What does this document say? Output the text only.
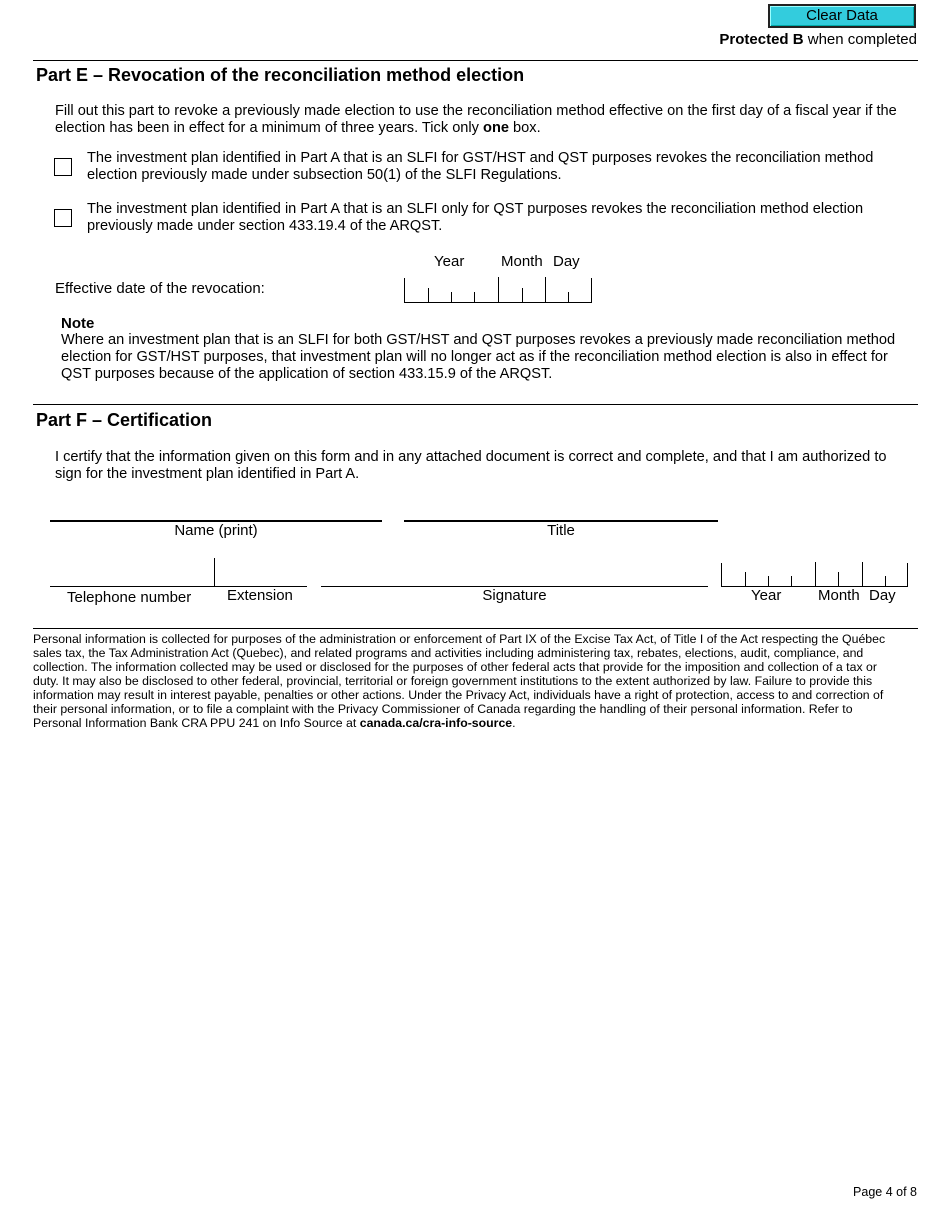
Clear Data
Protected B when completed
Part E – Revocation of the reconciliation method election
Fill out this part to revoke a previously made election to use the reconciliation method effective on the first day of a fiscal year if the election has been in effect for a minimum of three years. Tick only one box.
The investment plan identified in Part A that is an SLFI for GST/HST and QST purposes revokes the reconciliation method election previously made under subsection 50(1) of the SLFI Regulations.
The investment plan identified in Part A that is an SLFI only for QST purposes revokes the reconciliation method election previously made under section 433.19.4 of the ARQST.
Year Month Day
Effective date of the revocation:
Note
Where an investment plan that is an SLFI for both GST/HST and QST purposes revokes a previously made reconciliation method election for GST/HST purposes, that investment plan will no longer act as if the reconciliation method election is also in effect for QST purposes because of the application of section 433.15.9 of the ARQST.
Part F – Certification
I certify that the information given on this form and in any attached document is correct and complete, and that I am authorized to sign for the investment plan identified in Part A.
Name (print)	Title
Telephone number Extension	Signature	Year Month Day
Personal information is collected for purposes of the administration or enforcement of Part IX of the Excise Tax Act, of Title I of the Act respecting the Québec sales tax, the Tax Administration Act (Quebec), and related programs and activities including administering tax, rebates, elections, audit, compliance, and collection. The information collected may be used or disclosed for the purposes of other federal acts that provide for the imposition and collection of a tax or duty. It may also be disclosed to other federal, provincial, territorial or foreign government institutions to the extent authorized by law. Failure to provide this information may result in interest payable, penalties or other actions. Under the Privacy Act, individuals have a right of protection, access to and correction of their personal information, or to file a complaint with the Privacy Commissioner of Canada regarding the handling of their personal information. Refer to Personal Information Bank CRA PPU 241 on Info Source at canada.ca/cra-info-source.
Page 4 of 8
